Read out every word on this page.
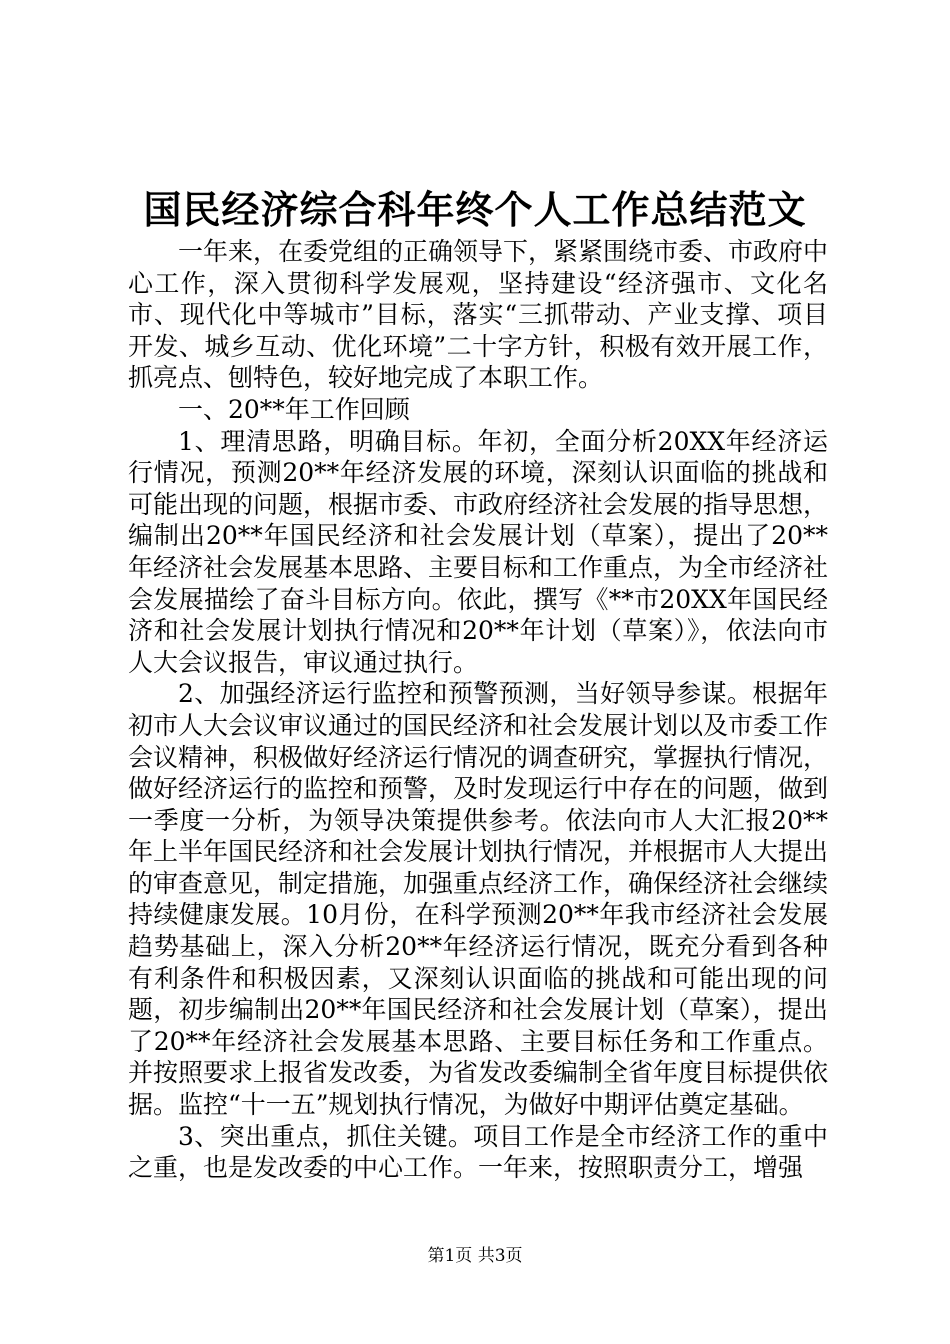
国民经济综合科年终个人工作总结范文

一年来，在委党组的正确领导下，紧紧围绕市委、市政府中心工作，深入贯彻科学发展观，坚持建设“经济强市、文化名市、现代化中等城市”目标，落实“三抓带动、产业支撑、项目开发、城乡互动、优化环境”二十字方针，积极有效开展工作，抓亮点、刨特色，较好地完成了本职工作。

一、20**年工作回顾

1、理清思路，明确目标。年初，全面分析20XX年经济运行情况，预测20**年经济发展的环境，深刻认识面临的挑战和可能出现的问题，根据市委、市政府经济社会发展的指导思想，编制出20**年国民经济和社会发展计划（草案），提出了20**年经济社会发展基本思路、主要目标和工作重点，为全市经济社会发展描绘了奋斗目标方向。依此，撰写《**市20XX年国民经济和社会发展计划执行情况和20**年计划（草案）》，依法向市人大会议报告，审议通过执行。

2、加强经济运行监控和预警预测，当好领导参谋。根据年初市人大会议审议通过的国民经济和社会发展计划以及市委工作会议精神，积极做好经济运行情况的调查研究，掌握执行情况，做好经济运行的监控和预警，及时发现运行中存在的问题，做到一季度一分析，为领导决策提供参考。依法向市人大汇报20**年上半年国民经济和社会发展计划执行情况，并根据市人大提出的审查意见，制定措施，加强重点经济工作，确保经济社会继续持续健康发展。10月份，在科学预测20**年我市经济社会发展趋势基础上，深入分析20**年经济运行情况，既充分看到各种有利条件和积极因素，又深刻认识面临的挑战和可能出现的问题，初步编制出20**年国民经济和社会发展计划（草案），提出了20**年经济社会发展基本思路、主要目标任务和工作重点。并按照要求上报省发改委，为省发改委编制全省年度目标提供依据。监控“十一五”规划执行情况，为做好中期评估奠定基础。

3、突出重点，抓住关键。项目工作是全市经济工作的重中之重，也是发改委的中心工作。一年来，按照职责分工，增强

第1页 共3页
